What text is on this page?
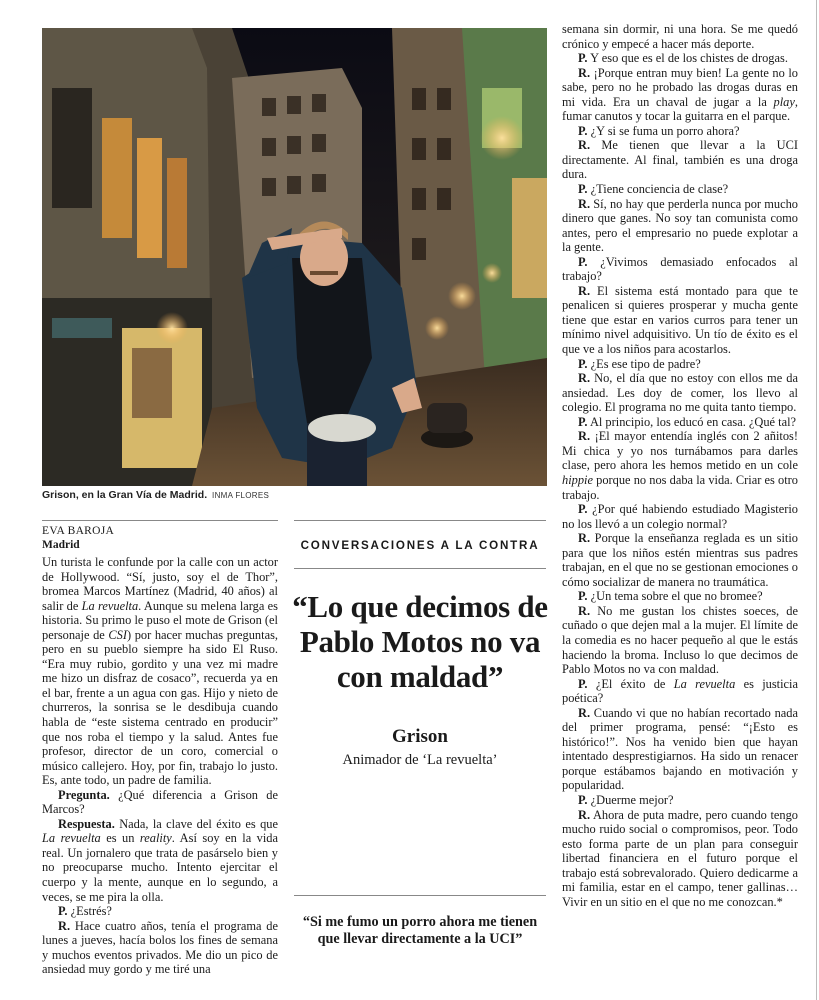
Grison, en la Gran Vía de Madrid. INMA FLORES
EVA BAROJA
Madrid

Un turista le confunde por la calle con un actor de Hollywood. “Sí, justo, soy el de Thor”, bromea Marcos Martínez (Madrid, 40 años) al salir de La revuelta. Aunque su melena larga es historia. Su primo le puso el mote de Grison (el personaje de CSI) por hacer muchas preguntas, pero en su pueblo siempre ha sido El Ruso. “Era muy rubio, gordito y una vez mi madre me hizo un disfraz de cosaco”, recuerda ya en el bar, frente a un agua con gas. Hijo y nieto de churreros, la sonrisa se le desdibuja cuando habla de “este sistema centrado en producir” que nos roba el tiempo y la salud. Antes fue profesor, director de un coro, comercial o músico callejero. Hoy, por fin, trabajo lo justo. Es, ante todo, un padre de familia.

Pregunta. ¿Qué diferencia a Grison de Marcos?

Respuesta. Nada, la clave del éxito es que La revuelta es un reality. Así soy en la vida real. Un jornalero que trata de pasárselo bien y no preocuparse mucho. Intento ejercitar el cuerpo y la mente, aunque en lo segundo, a veces, se me pira la olla.

P. ¿Estrés?

R. Hace cuatro años, tenía el programa de lunes a jueves, hacía bolos los fines de semana y muchos eventos privados. Me dio un pico de ansiedad muy gordo y me tiré una

CONVERSACIONES A LA CONTRA
“Lo que decimos de Pablo Motos no va con maldad”
Grison
Animador de ‘La revuelta’
“Si me fumo un porro ahora me tienen que llevar directamente a la UCI”

semana sin dormir, ni una hora. Se me quedó crónico y empecé a hacer más deporte.

P. Y eso que es el de los chistes de drogas.

R. ¡Porque entran muy bien! La gente no lo sabe, pero no he probado las drogas duras en mi vida. Era un chaval de jugar a la play, fumar canutos y tocar la guitarra en el parque.

P. ¿Y si se fuma un porro ahora?

R. Me tienen que llevar a la UCI directamente. Al final, también es una droga dura.

P. ¿Tiene conciencia de clase?

R. Sí, no hay que perderla nunca por mucho dinero que ganes. No soy tan comunista como antes, pero el empresario no puede explotar a la gente.

P. ¿Vivimos demasiado enfocados al trabajo?

R. El sistema está montado para que te penalicen si quieres prosperar y mucha gente tiene que estar en varios curros para tener un mínimo nivel adquisitivo. Un tío de éxito es el que ve a los niños para acostarlos.

P. ¿Es ese tipo de padre?

R. No, el día que no estoy con ellos me da ansiedad. Les doy de comer, los llevo al colegio. El programa no me quita tanto tiempo.

P. Al principio, los educó en casa. ¿Qué tal?

R. ¡El mayor entendía inglés con 2 añitos! Mi chica y yo nos turnábamos para darles clase, pero ahora les hemos metido en un cole hippie porque no nos daba la vida. Criar es otro trabajo.

P. ¿Por qué habiendo estudiado Magisterio no los llevó a un colegio normal?

R. Porque la enseñanza reglada es un sitio para que los niños estén mientras sus padres trabajan, en el que no se gestionan emociones o cómo socializar de manera no traumática.

P. ¿Un tema sobre el que no bromee?

R. No me gustan los chistes soeces, de cuñado o que dejen mal a la mujer. El límite de la comedia es no hacer pequeño al que le estás haciendo la broma. Incluso lo que decimos de Pablo Motos no va con maldad.

P. ¿El éxito de La revuelta es justicia poética?

R. Cuando vi que no habían recortado nada del primer programa, pensé: “¡Esto es histórico!”. Nos ha venido bien que hayan intentado desprestigiarnos. Ha sido un renacer porque estábamos bajando en motivación y popularidad.

P. ¿Duerme mejor?

R. Ahora de puta madre, pero cuando tengo mucho ruido social o compromisos, peor. Todo esto forma parte de un plan para conseguir libertad financiera en el futuro porque el trabajo está sobrevalorado. Quiero dedicarme a mi familia, estar en el campo, tener gallinas… Vivir en un sitio en el que no me conozcan.*
